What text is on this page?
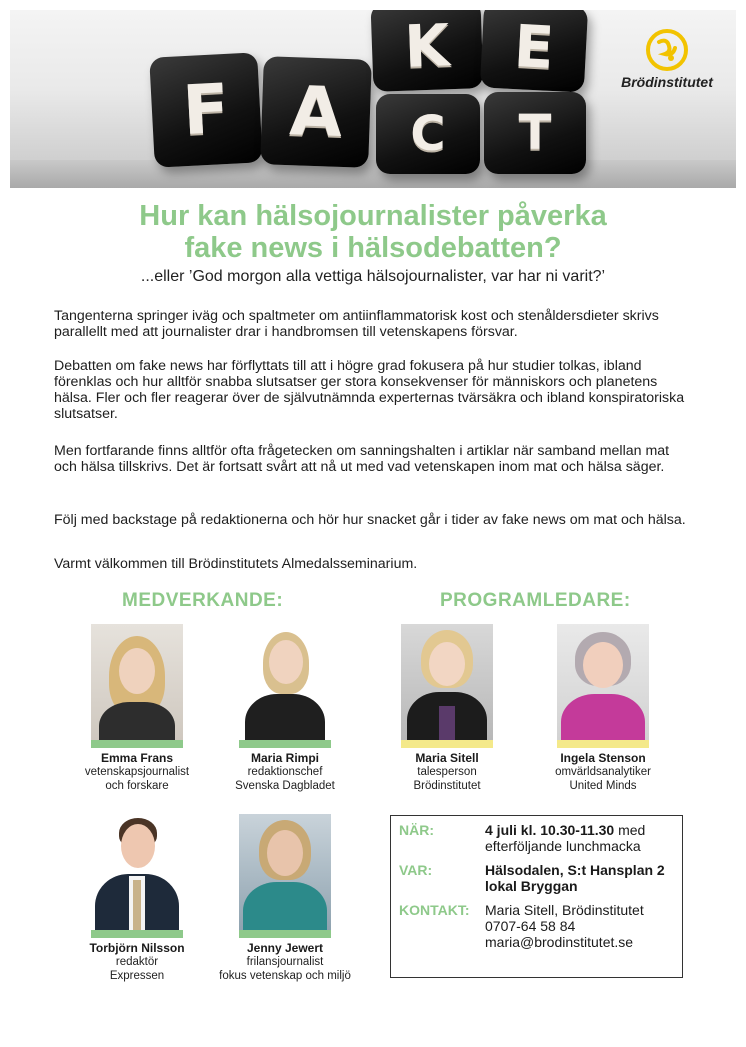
F A
K E
C T
Brödinstitutet
Hur kan hälsojournalister påverka
fake news i hälsodebatten?
...eller ’God morgon alla vettiga hälsojournalister, var har ni varit?’

Tangenterna springer iväg och spaltmeter om antiinflammatorisk kost och stenåldersdieter skrivs parallellt med att journalister drar i handbromsen till vetenskapens försvar.

Debatten om fake news har förflyttats till att i högre grad fokusera på hur studier tolkas, ibland förenklas och hur alltför snabba slutsatser ger stora konsekvenser för människors och planetens hälsa. Fler och fler reagerar över de självutnämnda experternas tvärsäkra och ibland konspiratoriska slutsatser.

Men fortfarande finns alltför ofta frågetecken om sanningshalten i artiklar när samband mellan mat och hälsa tillskrivs. Det är fortsatt svårt att nå ut med vad vetenskapen inom mat och hälsa säger.

Följ med backstage på redaktionerna och hör hur snacket går i tider av fake news om mat och hälsa.

Varmt välkommen till Brödinstitutets Almedalsseminarium.

MEDVERKANDE:	PROGRAMLEDARE:
Emma Frans
vetenskapsjournalist
och forskare
Maria Rimpi
redaktionschef
Svenska Dagbladet
Maria Sitell
talesperson
Brödinstitutet
Ingela Stenson
omvärldsanalytiker
United Minds
Torbjörn Nilsson
redaktör
Expressen
Jenny Jewert
frilansjournalist
fokus vetenskap och miljö
NÄR:	4 juli kl. 10.30-11.30 med efterföljande lunchmacka
VAR:	Hälsodalen, S:t Hansplan 2 lokal Bryggan
KONTAKT:	Maria Sitell, Brödinstitutet
0707-64 58 84
maria@brodinstitutet.se
